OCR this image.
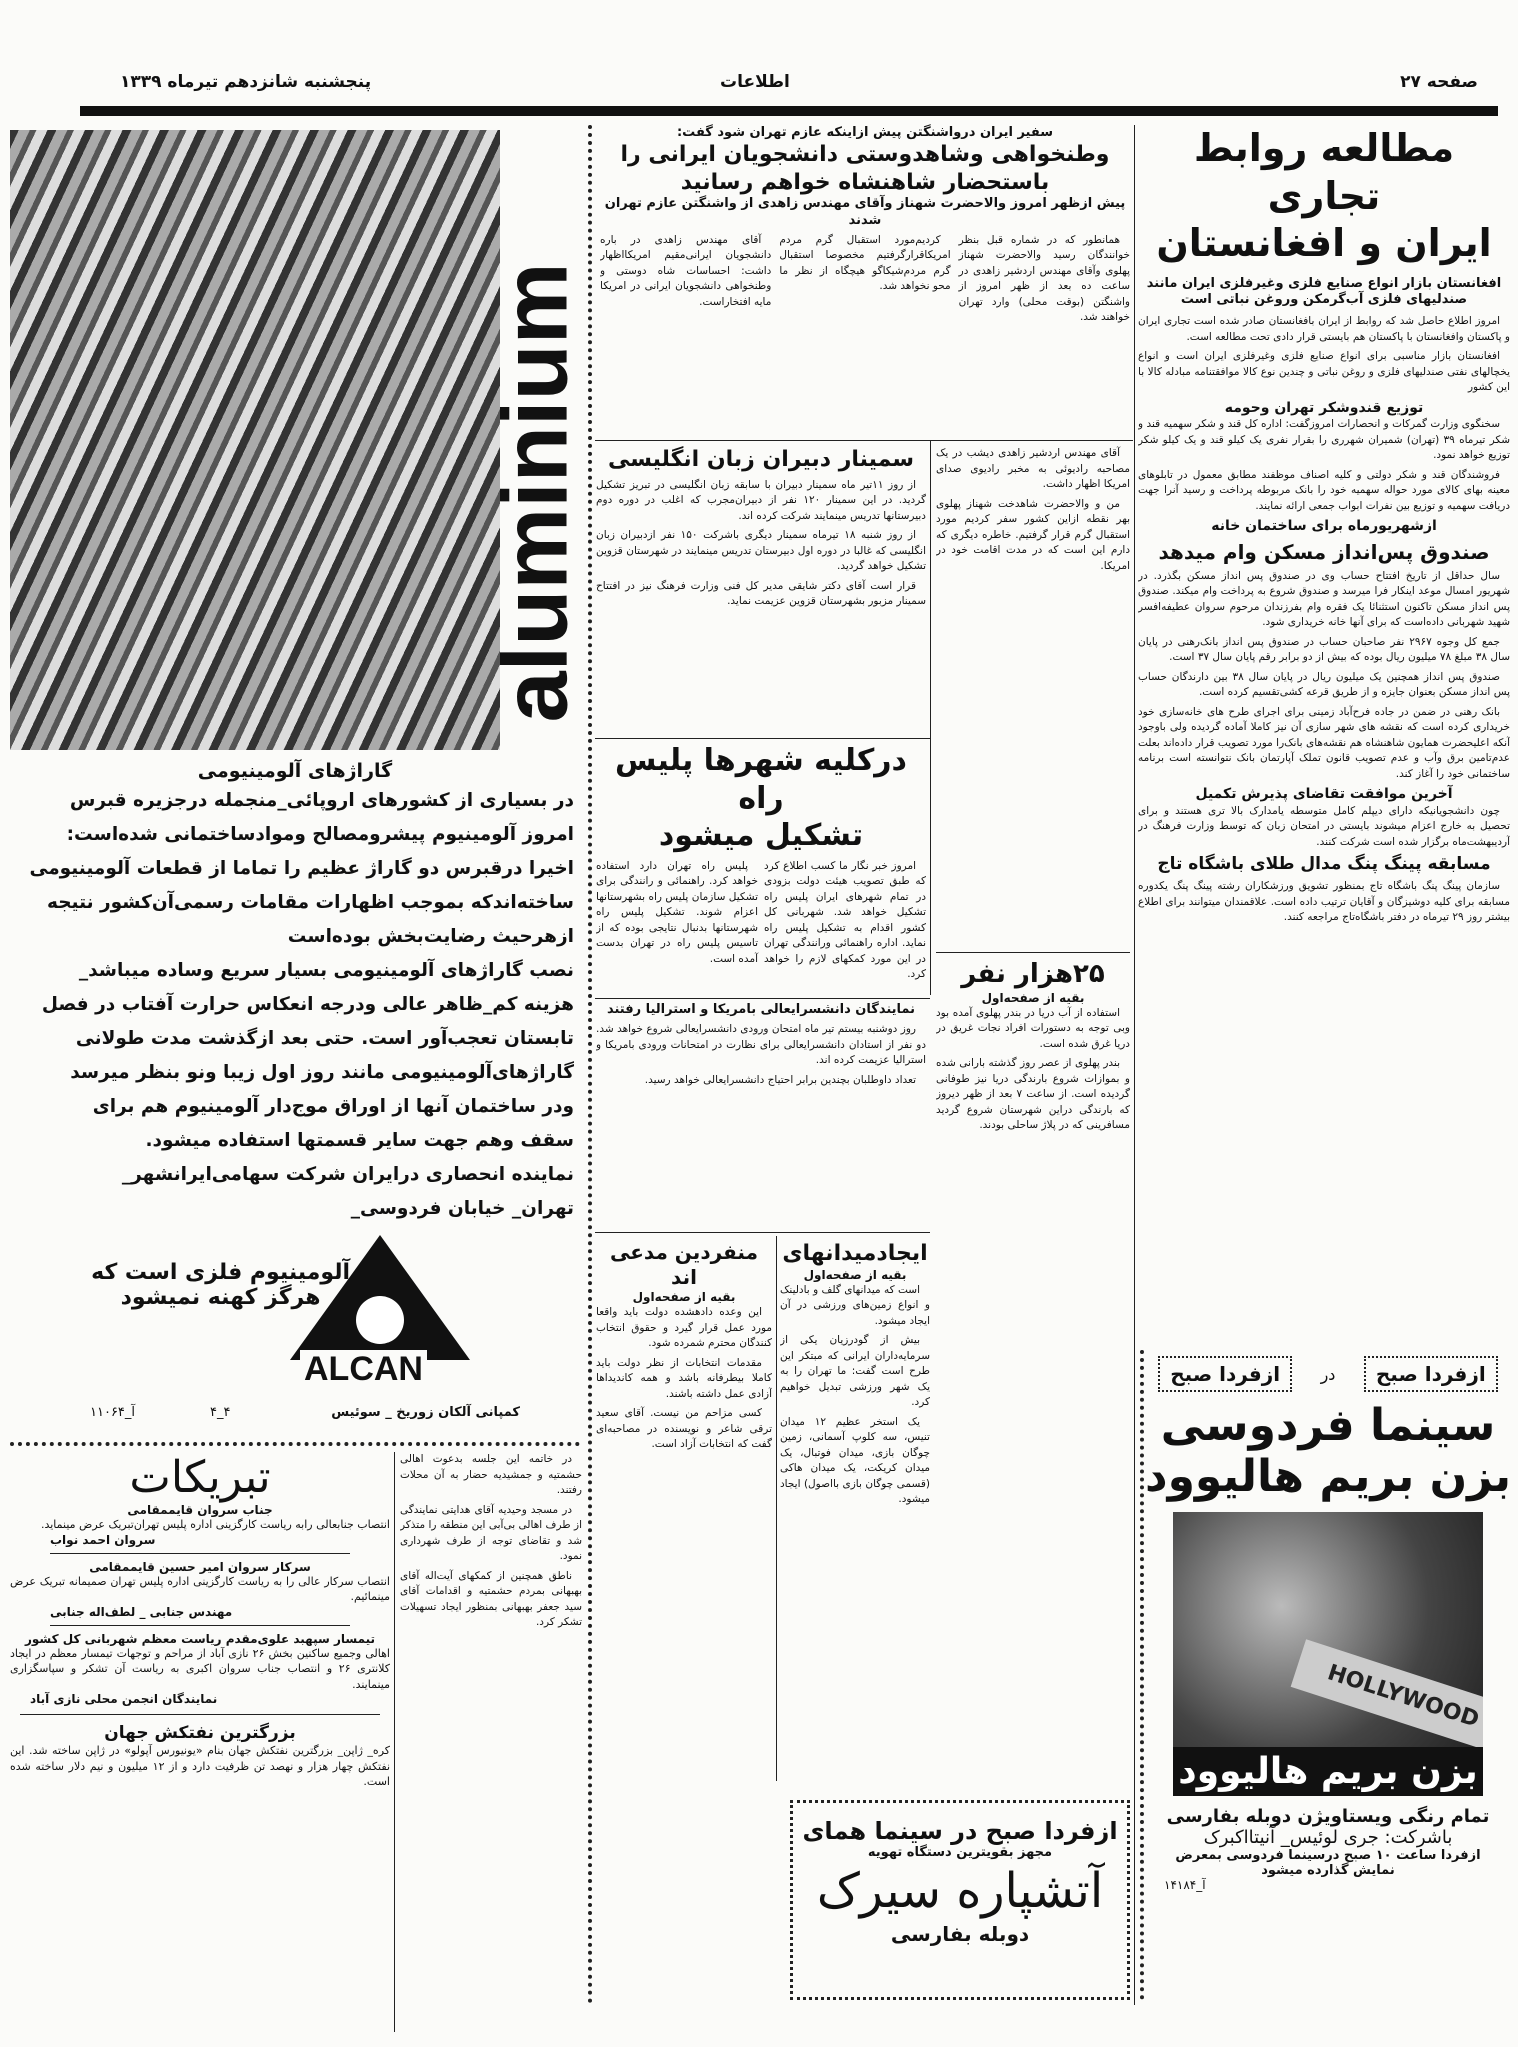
پنجشنبه شانزدهم تیرماه ۱۳۳۹	اطلاعات	صفحه ۲۷
مطالعه روابط تجاری
ایران و افغانستان
افغانستان بازار انواع صنایع فلزی وغیرفلزی ایران مانند صندلیهای فلزی آب‌گرمکن وروغن نباتی است

امروز اطلاع حاصل شد که روابط از ایران بافغانستان صادر شده است تجاری ایران و پاکستان وافغانستان با پاکستان هم بایستی قرار دادی تحت مطالعه است.

افغانستان بازار مناسبی برای انواع صنایع فلزی وغیرفلزی ایران است و انواع یخچالهای نفتی صندلیهای فلزی و روغن نباتی و چندین نوع کالا موافقتنامه مبادله کالا با این کشور

توزیع قندوشکر تهران وحومه

سخنگوی وزارت گمرکات و انحصارات امروزگفت: اداره کل قند و شکر سهمیه قند و شکر تیرماه ۳۹ (تهران) شمیران شهرری را بقرار نفری یک کیلو قند و یک کیلو شکر توزیع خواهد نمود.

فروشندگان قند و شکر دولتی و کلیه اصناف موظفند مطابق معمول در تابلوهای معینه بهای کالای مورد حواله سهمیه خود را بانک مربوطه پرداخت و رسید آنرا جهت دریافت سهمیه و توزیع بین نفرات ابواب جمعی ارائه نمایند.

ازشهریورماه برای ساختمان خانه
صندوق پس‌انداز مسکن وام میدهد

سال حداقل از تاریخ افتتاح حساب وی در صندوق پس انداز مسکن بگذرد. در شهریور امسال موعد اینکار فرا میرسد و صندوق شروع به پرداخت وام میکند. صندوق پس انداز مسکن تاکنون استثنائا یک فقره وام بفرزندان مرحوم سروان عطیفه‌افسر شهید شهربانی داده‌است که برای آنها خانه خریداری شود.

جمع کل وجوه ۲۹۶۷ نفر صاحبان حساب در صندوق پس انداز بانک‌رهنی در پایان سال ۳۸ مبلغ ۷۸ میلیون ریال بوده که بیش از دو برابر رقم پایان سال ۳۷ است.

صندوق پس انداز همچنین یک میلیون ریال در پایان سال ۳۸ بین دارندگان حساب پس انداز مسکن بعنوان جایزه و از طریق قرعه کشی‌تقسیم کرده است.

بانک رهنی در ضمن در جاده فرح‌آباد زمینی برای اجرای طرح های خانه‌سازی خود خریداری کرده است که نقشه های شهر سازی آن نیز کاملا آماده گردیده ولی باوجود آنکه اعلیحضرت همایون شاهنشاه هم نقشه‌های بانک‌را مورد تصویب قرار داده‌اند بعلت عدم‌تامین برق وآب و عدم تصویب قانون تملک آپارتمان بانک نتوانسته است برنامه ساختمانی خود را آغاز کند.

آخرین موافقت تقاضای پذیرش تکمیل

چون دانشجویانیکه دارای دیپلم کامل متوسطه یامدارک بالا تری هستند و برای تحصیل به خارج اعزام میشوند بایستی در امتحان زبان که توسط وزارت فرهنگ در آردیبهشت‌ماه برگزار شده است شرکت کنند.

مسابقه پینگ پنگ مدال طلای باشگاه تاج

سازمان پینگ پنگ باشگاه تاج بمنظور تشویق ورزشکاران رشته پینگ پنگ یکدوره مسابقه برای کلیه دوشیزگان و آقایان ترتیب داده است. علاقمندان میتوانند برای اطلاع بیشتر روز ۲۹ تیرماه در دفتر باشگاه‌تاج مراجعه کنند.

ازفردا صبح
در
ازفردا صبح
سینما فردوسی
بزن بریم هالیوود
HOLLYWOOD
بزن بریم هالیوود
تمام رنگی ویستاویژن دوبله بفارسی
باشرکت: جری لوئیس_ آنیتااکبرک
ازفردا ساعت ۱۰ صبح درسینما فردوسی بمعرض نمایش گذارده میشود
آ_۱۴۱۸۴
سفیر ایران درواشنگتن پیش ازاینکه عازم تهران شود گفت:
وطنخواهی وشاهدوستی دانشجویان ایرانی را باستحضار شاهنشاه خواهم رسانید
پیش ازظهر امروز والاحضرت شهناز وآقای مهندس زاهدی از واشنگتن عازم تهران شدند

همانطور که در شماره قبل بنظر خوانندگان رسید والاحضرت شهناز پهلوی وآقای مهندس اردشیر زاهدی در ساعت ده بعد از ظهر امروز از واشنگتن (بوقت محلی) وارد تهران خواهند شد.

کردیم‌مورد استقبال گرم مردم امریکاقرارگرفتیم مخصوصا استقبال گرم مردم‌شیکاگو هیچگاه از نظر ما محو نخواهد شد.

آقای مهندس زاهدی در باره دانشجویان ایرانی‌مقیم امریکااظهار داشت: احساسات شاه دوستی و وطنخواهی دانشجویان ایرانی در امریکا مایه افتخاراست.

سمینار دبیران زبان انگلیسی

از روز ۱۱تیر ماه سمینار دبیران با سابقه زبان انگلیسی در تبریز تشکیل گردید. در این سمینار ۱۲۰ نفر از دبیران‌مجرب که اغلب در دوره دوم دبیرستانها تدریس مینمایند شرکت کرده اند.

از روز شنبه ۱۸ تیرماه سمینار دیگری باشرکت ۱۵۰ نفر ازدبیران زبان انگلیسی که غالبا در دوره اول دبیرستان تدریس مینمایند در شهرستان قزوین تشکیل خواهد گردید.

قرار است آقای دکتر شایقی مدیر کل فنی وزارت فرهنگ نیز در افتتاح سمینار مزبور بشهرستان قزوین عزیمت نماید.

آقای مهندس اردشیر زاهدی دیشب در یک مصاحبه رادیوئی به مخبر رادیوی صدای امریکا اظهار داشت.

من و والاحضرت شاهدخت شهناز پهلوی بهر نقطه ازاین کشور سفر کردیم مورد استقبال گرم قرار گرفتیم. خاطره دیگری که دارم این است که در مدت اقامت خود در امریکا.

درکلیه شهرها پلیس راه
تشکیل میشود

امروز خبر نگار ما کسب اطلاع کرد که طبق تصویب هیئت دولت بزودی در تمام شهرهای ایران پلیس راه تشکیل خواهد شد. شهربانی کل کشور اقدام به تشکیل پلیس راه نماید. اداره راهنمائی ورانندگی تهران در این مورد کمکهای لازم را خواهد کرد.

پلیس راه تهران دارد استفاده خواهد کرد. راهنمائی و رانندگی برای تشکیل سازمان پلیس راه بشهرستانها اعزام شوند. تشکیل پلیس راه شهرستانها بدنبال نتایجی بوده که از تاسیس پلیس راه در تهران بدست آمده است.

۲۵هزار نفر
بقیه از صفحه‌اول

استفاده از آب دریا در بندر پهلوی آمده بود وبی توجه به دستورات افراد نجات غریق در دریا غرق شده است.

بندر پهلوی از عصر روز گذشته بارانی شده و بموازات شروع بارندگی دریا نیز طوفانی گردیده است. از ساعت ۷ بعد از ظهر دیروز که بارندگی دراین شهرستان شروع گردید مسافرینی که در پلاژ ساحلی بودند.

نمایندگان دانشسرایعالی بامریکا و استرالیا رفتند

روز دوشنبه بیستم تیر ماه امتحان ورودی دانشسرایعالی شروع خواهد شد. دو نفر از استادان دانشسرایعالی برای نظارت در امتحانات ورودی بامریکا و استرالیا عزیمت کرده اند.

تعداد داوطلبان بچندین برابر احتیاج دانشسرایعالی خواهد رسید.

ایجادمیدانهای
بقیه از صفحه‌اول

است که میدانهای گلف و بادلینک و انواع زمین‌های ورزشی در آن ایجاد میشود.

بیش از گودرزیان یکی از سرمایه‌داران ایرانی که مبتکر این طرح است گفت: ما تهران را به یک شهر ورزشی تبدیل خواهیم کرد.

یک استخر عظیم ۱۲ میدان تنیس، سه کلوپ آسمانی، زمین چوگان بازی، میدان فوتبال، یک میدان کریکت، یک میدان هاکی (قسمی چوگان بازی بااصول) ایجاد میشود.

منفردین مدعی اند
بقیه از صفحه‌اول

این وعده دادهشده دولت باید واقعا مورد عمل قرار گیرد و حقوق انتخاب کنندگان محترم شمرده شود.

مقدمات انتخابات از نظر دولت باید کاملا بیطرفانه باشد و همه کاندیداها آزادی عمل داشته باشند.

کسی مزاحم من نیست. آقای سعید ترقی شاعر و نویسنده در مصاحبه‌ای گفت که انتخابات آزاد است.

ازفردا صبح در سینما همای
مجهز بقویترین دستگاه تهویه
آتشپاره سیرک
دوبله بفارسی
aluminium
گاراژهای آلومینیومی
در بسیاری از کشورهای اروپائی_منجمله درجزیره قبرس
امروز آلومینیوم پیشرومصالح وموادساختمانی شده‌است:
اخیرا درقبرس دو گاراژ عظیم را تماما از قطعات آلومینیومی
ساخته‌اندکه بموجب اظهارات مقامات رسمی‌آن‌کشور نتیجه
ازهرحیث رضایت‌بخش بوده‌است
نصب گاراژهای آلومینیومی بسیار سریع وساده میباشد_
هزینه کم_ظاهر عالی ودرجه انعکاس حرارت آفتاب در فصل
تابستان تعجب‌آور است. حتی بعد ازگذشت مدت طولانی
گاراژهای‌آلومینیومی مانند روز اول زیبا ونو بنظر میرسد
ودر ساختمان آنها از اوراق موج‌دار آلومینیوم هم برای
سقف وهم جهت سایر قسمتها استفاده میشود.
نماینده انحصاری درایران شرکت سهامی‌ایرانشهر_
تهران_ خیابان فردوسی_
آلومینیوم فلزی است که
هرگز کهنه نمیشود
ALCAN
کمپانی آلکان زوریخ _ سوئیس
۴_۴
آ_۱۱۰۶۴
تبریکات
جناب سروان قایممقامی
انتصاب جنابعالی رابه ریاست کارگزینی اداره پلیس تهران‌تبریک عرض مینماید.
سروان احمد نواب
سرکار سروان امیر حسین قایممقامی
انتصاب سرکار عالی را به ریاست کارگزینی اداره پلیس تهران صمیمانه تبریک عرض مینمائیم.
مهندس جنابی _ لطف‌اله جنابی
تیمسار سپهبد علوی‌مقدم ریاست معظم شهربانی کل کشور
اهالی وجمیع ساکنین بخش ۲۶ نازی آباد از مراحم و توجهات تیمسار معظم در ایجاد کلانتری ۲۶ و انتصاب جناب سروان اکبری به ریاست آن تشکر و سپاسگزاری مینمایند.
نمایندگان انجمن محلی نازی آباد
بزرگترین نفتکش جهان
کره_ ژاپن_ بزرگترین نفتکش جهان بنام «یونیورس آپولو» در ژاپن ساخته شد. این نفتکش چهار هزار و نهصد تن ظرفیت دارد و از ۱۲ میلیون و نیم دلار ساخته شده است.

در خاتمه این جلسه بدعوت اهالی حشمتیه و جمشیدیه حضار به آن محلات رفتند.

در مسجد وحیدیه آقای هدایتی نمایندگی از طرف اهالی بی‌آبی این منطقه را متذکر شد و تقاضای توجه از طرف شهرداری نمود.

ناطق همچنین از کمکهای آیت‌اله آقای بهبهانی بمردم حشمتیه و اقدامات آقای سید جعفر بهبهانی بمنظور ایجاد تسهیلات تشکر کرد.
